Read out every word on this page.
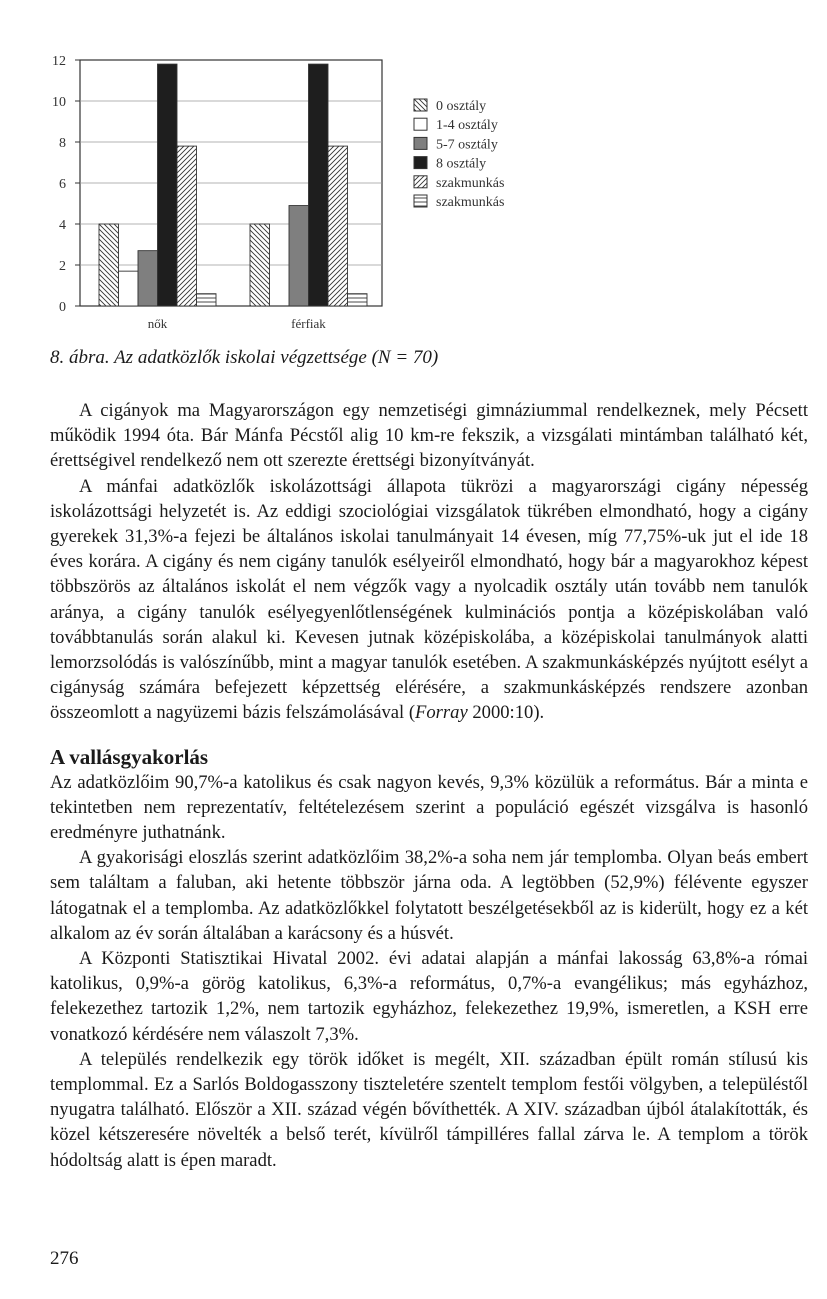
0
2
4
6
8
10
12
nők	férfiak
0 osztály
1-4 osztály
5-7 osztály
8 osztály
szakmunkás
szakmunkás
8. ábra. Az adatközlők iskolai végzettsége (N = 70)

A cigányok ma Magyarországon egy nemzetiségi gimnáziummal rendelkeznek, mely Pécsett működik 1994 óta. Bár Mánfa Pécstől alig 10 km-re fekszik, a vizsgálati mintámban található két, érettségivel rendelkező nem ott szerezte érettségi bizonyítványát.

A mánfai adatközlők iskolázottsági állapota tükrözi a magyarországi cigány népesség iskolázottsági helyzetét is. Az eddigi szociológiai vizsgálatok tükrében elmondható, hogy a cigány gyerekek 31,3%-a fejezi be általános iskolai tanulmányait 14 évesen, míg 77,75%-uk jut el ide 18 éves korára. A cigány és nem cigány tanulók esélyeiről elmondható, hogy bár a magyarokhoz képest többszörös az általános iskolát el nem végzők vagy a nyolcadik osztály után tovább nem tanulók aránya, a cigány tanulók esélyegyenlőtlenségének kulminációs pontja a középiskolában való továbbtanulás során alakul ki. Kevesen jutnak középiskolába, a középiskolai tanulmányok alatti lemorzsolódás is valószínűbb, mint a magyar tanulók esetében. A szakmunkásképzés nyújtott esélyt a cigányság számára befejezett képzettség elérésére, a szakmunkásképzés rendszere azonban összeomlott a nagyüzemi bázis felszámolásával (Forray 2000:10).

A vallásgyakorlás

Az adatközlőim 90,7%-a katolikus és csak nagyon kevés, 9,3% közülük a református. Bár a minta e tekintetben nem reprezentatív, feltételezésem szerint a populáció egészét vizsgálva is hasonló eredményre juthatnánk.

A gyakorisági eloszlás szerint adatközlőim 38,2%-a soha nem jár templomba. Olyan beás embert sem találtam a faluban, aki hetente többször járna oda. A legtöbben (52,9%) félévente egyszer látogatnak el a templomba. Az adatközlőkkel folytatott beszélgetésekből az is kiderült, hogy ez a két alkalom az év során általában a karácsony és a húsvét.

A Központi Statisztikai Hivatal 2002. évi adatai alapján a mánfai lakosság 63,8%-a római katolikus, 0,9%-a görög katolikus, 6,3%-a református, 0,7%-a evangélikus; más egyházhoz, felekezethez tartozik 1,2%, nem tartozik egyházhoz, felekezethez 19,9%, ismeretlen, a KSH erre vonatkozó kérdésére nem válaszolt 7,3%.

A település rendelkezik egy török időket is megélt, XII. században épült román stílusú kis templommal. Ez a Sarlós Boldogasszony tiszteletére szentelt templom festői völgyben, a településtől nyugatra található. Először a XII. század végén bővíthették. A XIV. században újból átalakították, és közel kétszeresére növelték a belső terét, kívülről támpilléres fallal zárva le. A templom a török hódoltság alatt is épen maradt.

276
